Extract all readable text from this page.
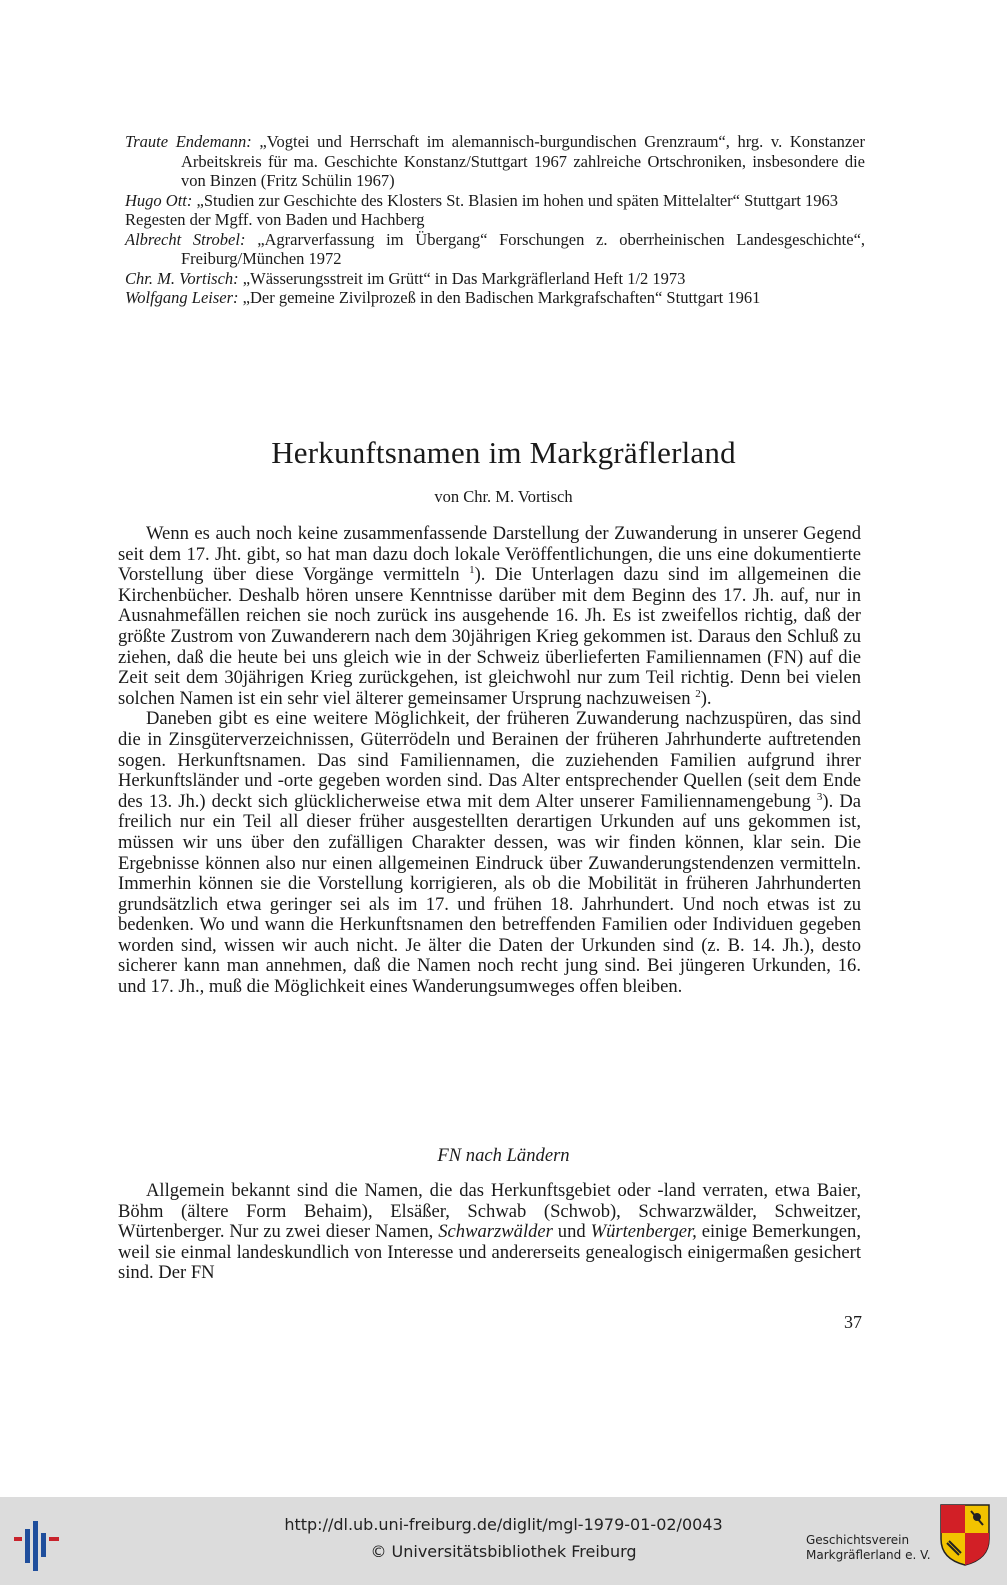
Traute Endemann: „Vogtei und Herrschaft im alemannisch-burgundischen Grenzraum“, hrg. v. Konstanzer Arbeitskreis für ma. Geschichte Konstanz/Stuttgart 1967 zahlreiche Ortschroniken, insbesondere die von Binzen (Fritz Schülin 1967)
Hugo Ott: „Studien zur Geschichte des Klosters St. Blasien im hohen und späten Mittelalter“ Stuttgart 1963
Regesten der Mgff. von Baden und Hachberg
Albrecht Strobel: „Agrarverfassung im Übergang“ Forschungen z. oberrheinischen Landesgeschichte“, Freiburg/München 1972
Chr. M. Vortisch: „Wässerungsstreit im Grütt“ in Das Markgräflerland Heft 1/2 1973
Wolfgang Leiser: „Der gemeine Zivilprozeß in den Badischen Markgrafschaften“ Stuttgart 1961
Herkunftsnamen im Markgräflerland
von Chr. M. Vortisch

Wenn es auch noch keine zusammenfassende Darstellung der Zuwanderung in unserer Gegend seit dem 17. Jht. gibt, so hat man dazu doch lokale Veröffentlichungen, die uns eine dokumentierte Vorstellung über diese Vorgänge vermitteln $^1$). Die Unterlagen dazu sind im allgemeinen die Kirchenbücher. Deshalb hören unsere Kenntnisse darüber mit dem Beginn des 17. Jh. auf, nur in Ausnahmefällen reichen sie noch zurück ins ausgehende 16. Jh. Es ist zweifellos richtig, daß der größte Zustrom von Zuwanderern nach dem 30jährigen Krieg gekommen ist. Daraus den Schluß zu ziehen, daß die heute bei uns gleich wie in der Schweiz überlieferten Familiennamen (FN) auf die Zeit seit dem 30jährigen Krieg zurückgehen, ist gleichwohl nur zum Teil richtig. Denn bei vielen solchen Namen ist ein sehr viel älterer gemeinsamer Ursprung nachzuweisen $^2$).

Daneben gibt es eine weitere Möglichkeit, der früheren Zuwanderung nachzuspüren, das sind die in Zinsgüterverzeichnissen, Güterrödeln und Berainen der früheren Jahrhunderte auftretenden sogen. Herkunftsnamen. Das sind Familiennamen, die zuziehenden Familien aufgrund ihrer Herkunftsländer und -orte gegeben worden sind. Das Alter entsprechender Quellen (seit dem Ende des 13. Jh.) deckt sich glücklicherweise etwa mit dem Alter unserer Familiennamengebung $^3$). Da freilich nur ein Teil all dieser früher ausgestellten derartigen Urkunden auf uns gekommen ist, müssen wir uns über den zufälligen Charakter dessen, was wir finden können, klar sein. Die Ergebnisse können also nur einen allgemeinen Eindruck über Zuwanderungstendenzen vermitteln. Immerhin können sie die Vorstellung korrigieren, als ob die Mobilität in früheren Jahrhunderten grundsätzlich etwa geringer sei als im 17. und frühen 18. Jahrhundert. Und noch etwas ist zu bedenken. Wo und wann die Herkunftsnamen den betreffenden Familien oder Individuen gegeben worden sind, wissen wir auch nicht. Je älter die Daten der Urkunden sind (z. B. 14. Jh.), desto sicherer kann man annehmen, daß die Namen noch recht jung sind. Bei jüngeren Urkunden, 16. und 17. Jh., muß die Möglichkeit eines Wanderungsumweges offen bleiben.

FN nach Ländern

Allgemein bekannt sind die Namen, die das Herkunftsgebiet oder -land verraten, etwa Baier, Böhm (ältere Form Behaim), Elsäßer, Schwab (Schwob), Schwarzwälder, Schweitzer, Würtenberger. Nur zu zwei dieser Namen, Schwarzwälder und Würtenberger, einige Bemerkungen, weil sie einmal landeskundlich von Interesse und andererseits genealogisch einigermaßen gesichert sind. Der FN

37
http://dl.ub.uni-freiburg.de/diglit/mgl-1979-01-02/0043
© Universitätsbibliothek Freiburg
Geschichtsverein
Markgräflerland e. V.
